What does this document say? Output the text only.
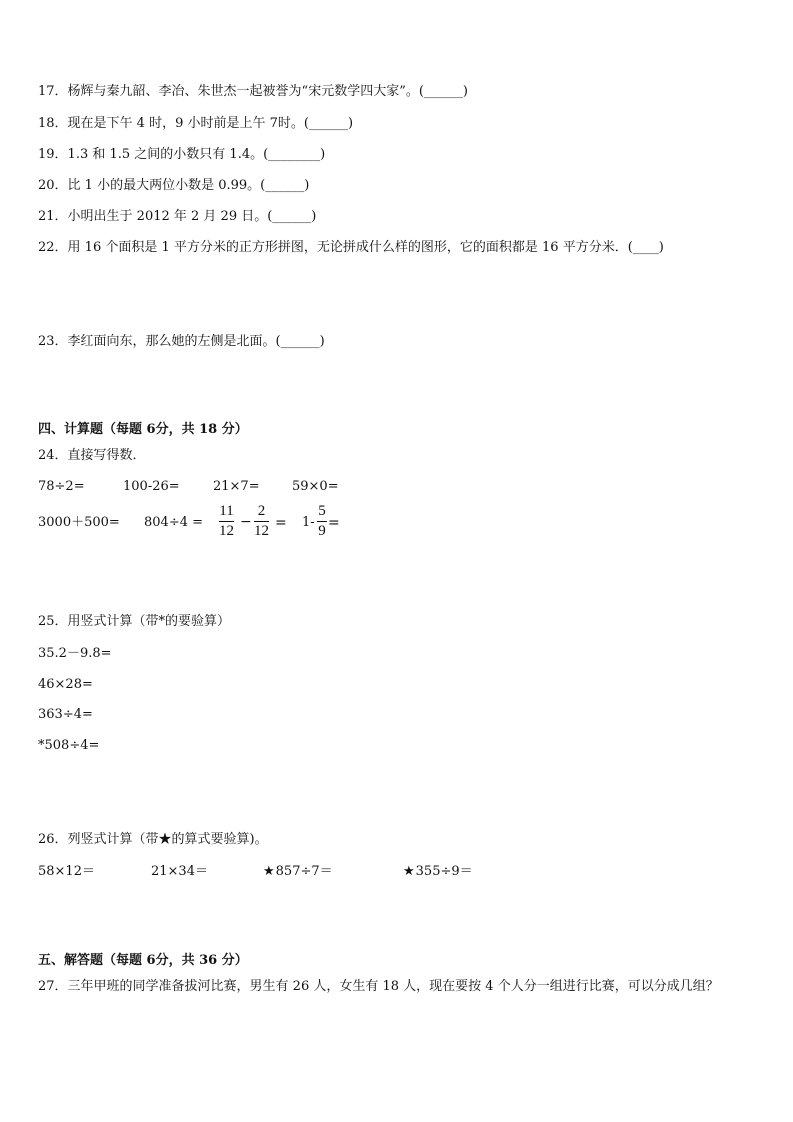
17．杨辉与秦九韶、李冶、朱世杰一起被誉为“宋元数学四大家”。(______)
18．现在是下午 4 时，9 小时前是上午 7时。(______)
19．1.3 和 1.5 之间的小数只有 1.4。(________)
20．比 1 小的最大两位小数是 0.99。(______)
21．小明出生于 2012 年 2 月 29 日。(______)
22．用 16 个面积是 1 平方分米的正方形拼图，无论拼成什么样的图形，它的面积都是 16 平方分米．(____)
23．李红面向东，那么她的左侧是北面。(______)
四、计算题（每题 6分，共 18 分）
24．直接写得数．
78÷2=	100-26=	21×7= 59×0=
3000＋500= 804÷4 =
11
12
−
2
12 = 1-
5
9 =
25．用竖式计算（带*的要验算）
35.2－9.8=
46×28=
363÷4=
*508÷4=
26．列竖式计算（带★的算式要验算)。
58×12＝	21×34＝	★857÷7＝	★355÷9＝
五、解答题（每题 6分，共 36 分）
27．三年甲班的同学准备拔河比赛，男生有 26 人，女生有 18 人，现在要按 4 个人分一组进行比赛，可以分成几组？
